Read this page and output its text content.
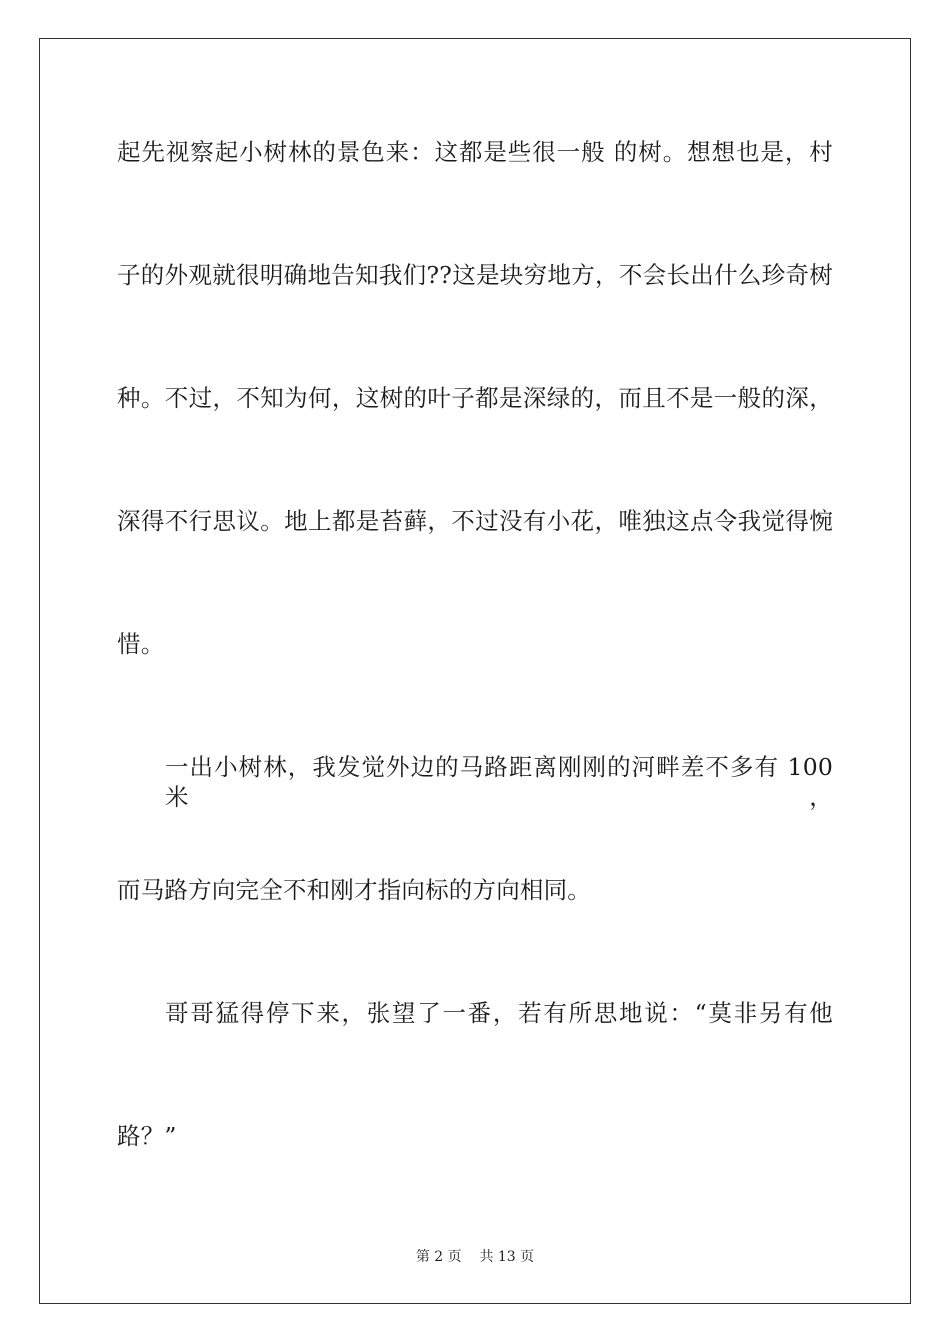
起先视察起小树林的景色来：这都是些很一般 的树。想想也是，村
子的外观就很明确地告知我们??这是块穷地方，不会长出什么珍奇树
种。不过，不知为何，这树的叶子都是深绿的，而且不是一般的深，
深得不行思议。地上都是苔藓，不过没有小花，唯独这点令我觉得惋
惜。
一出小树林，我发觉外边的马路距离刚刚的河畔差不多有 100 米，
而马路方向完全不和刚才指向标的方向相同。
哥哥猛得停下来，张望了一番，若有所思地说：“莫非另有他
路？”
第 2 页 共 13 页
